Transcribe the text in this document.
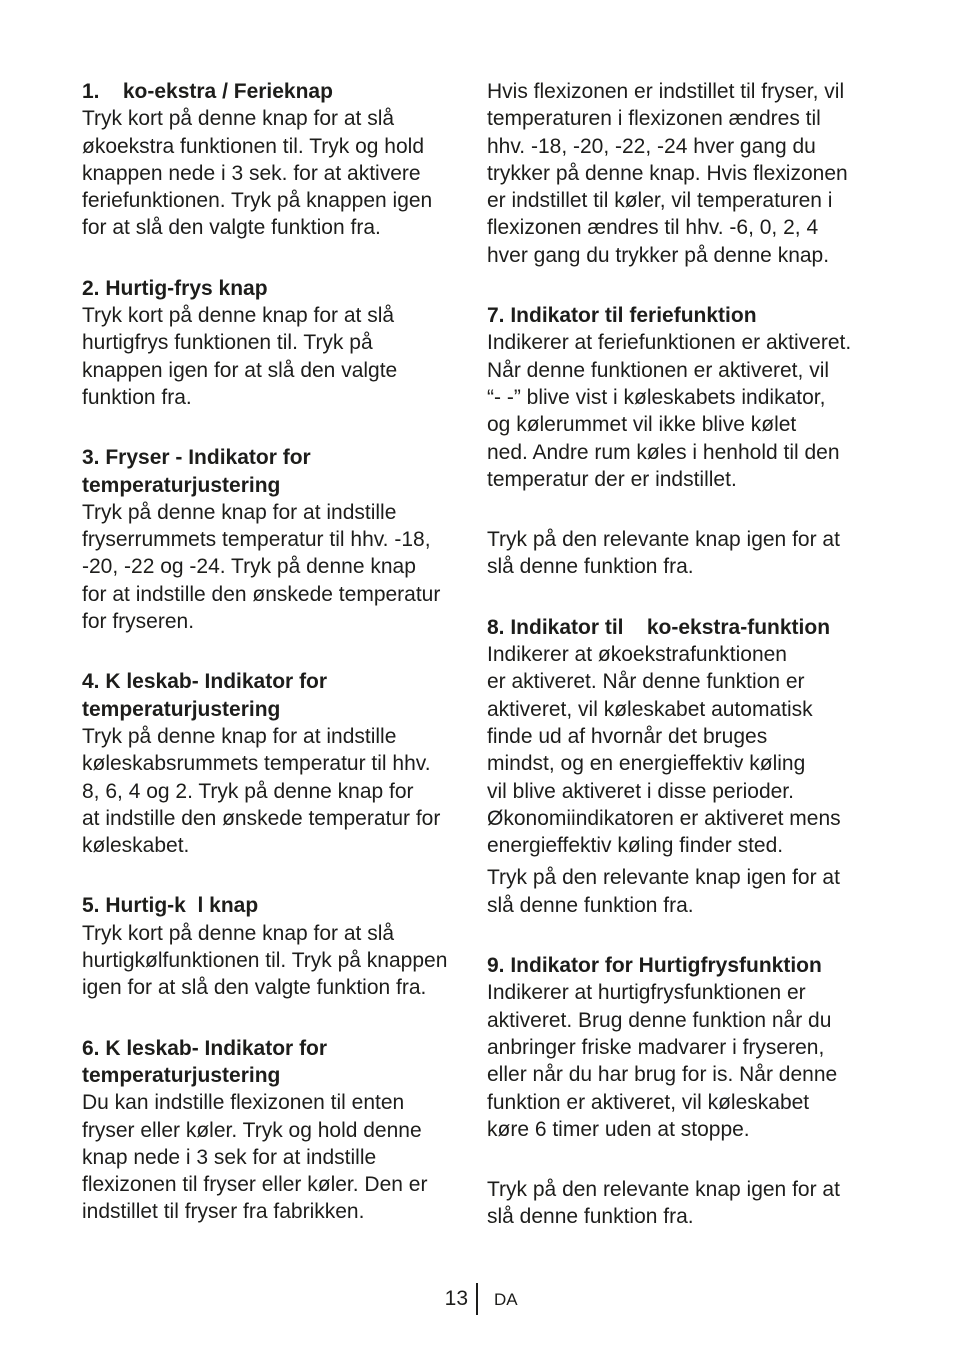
1.    ko-ekstra / Ferieknap

Tryk kort på denne knap for at slå
økoekstra funktionen til. Tryk og hold
knappen nede i 3 sek. for at aktivere
feriefunktionen. Tryk på knappen igen
for at slå den valgte funktion fra.

2. Hurtig-frys knap

Tryk kort på denne knap for at slå
hurtigfrys funktionen til. Tryk på
knappen igen for at slå den valgte
funktion fra.

3. Fryser - Indikator for
temperaturjustering

Tryk på denne knap for at indstille
fryserrummets temperatur til hhv. -18,
-20, -22 og -24. Tryk på denne knap
for at indstille den ønskede temperatur
for fryseren.

4. K leskab- Indikator for
temperaturjustering

Tryk på denne knap for at indstille
køleskabsrummets temperatur til hhv.
8, 6, 4 og 2. Tryk på denne knap for
at indstille den ønskede temperatur for
køleskabet.

5. Hurtig-k  l knap

Tryk kort på denne knap for at slå
hurtigkølfunktionen til. Tryk på knappen
igen for at slå den valgte funktion fra.

6. K leskab- Indikator for
temperaturjustering

Du kan indstille flexizonen til enten
fryser eller køler. Tryk og hold denne
knap nede i 3 sek for at indstille
flexizonen til fryser eller køler. Den er
indstillet til fryser fra fabrikken.

Hvis flexizonen er indstillet til fryser, vil
temperaturen i flexizonen ændres til
hhv. -18, -20, -22, -24 hver gang du
trykker på denne knap. Hvis flexizonen
er indstillet til køler, vil temperaturen i
flexizonen ændres til hhv. -6, 0, 2, 4
hver gang du trykker på denne knap.

7. Indikator til feriefunktion

Indikerer at feriefunktionen er aktiveret.
Når denne funktionen er aktiveret, vil
“- -” blive vist i køleskabets indikator,
og kølerummet vil ikke blive kølet
ned. Andre rum køles i henhold til den
temperatur der er indstillet.

Tryk på den relevante knap igen for at
slå denne funktion fra.

8. Indikator til    ko-ekstra-funktion

Indikerer at økoekstrafunktionen
er aktiveret. Når denne funktion er
aktiveret, vil køleskabet automatisk
finde ud af hvornår det bruges
mindst, og en energieffektiv køling
vil blive aktiveret i disse perioder.
Økonomiindikatoren er aktiveret mens
energieffektiv køling finder sted.

Tryk på den relevante knap igen for at
slå denne funktion fra.

9. Indikator for Hurtigfrysfunktion

Indikerer at hurtigfrysfunktionen er
aktiveret. Brug denne funktion når du
anbringer friske madvarer i fryseren,
eller når du har brug for is. Når denne
funktion er aktiveret, vil køleskabet
køre 6 timer uden at stoppe.

Tryk på den relevante knap igen for at
slå denne funktion fra.

13 DA
